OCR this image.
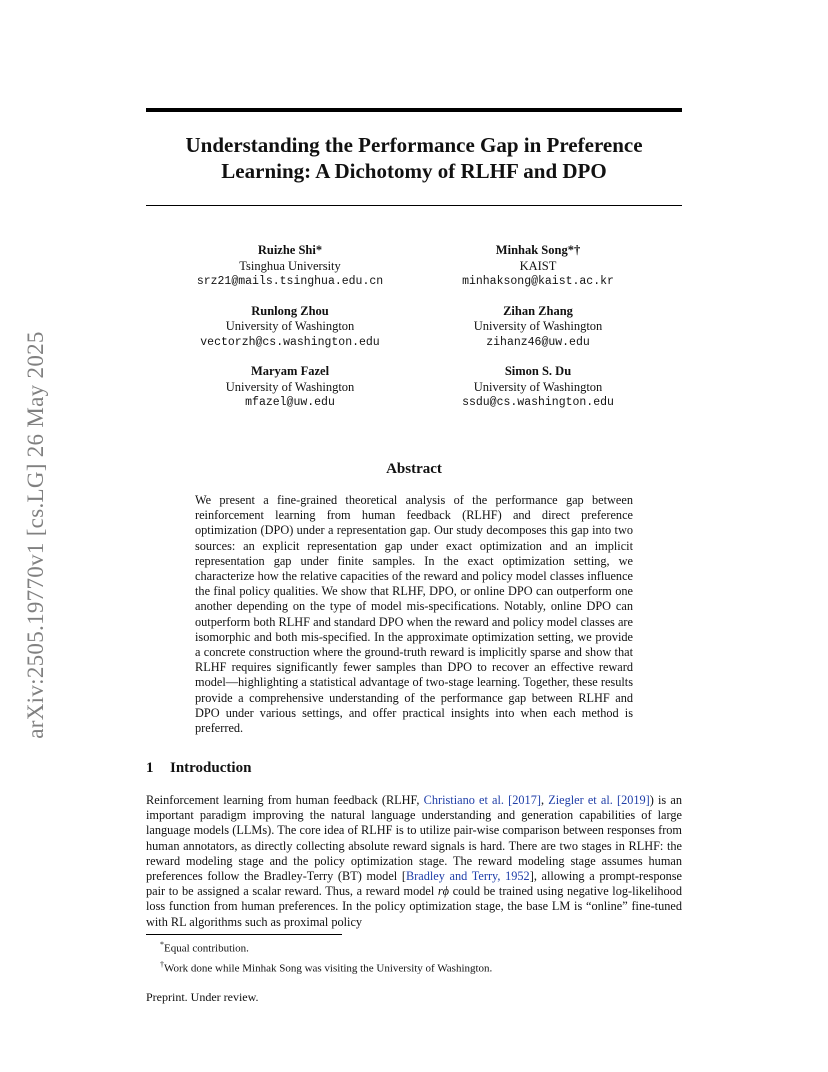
Understanding the Performance Gap in Preference
Learning: A Dichotomy of RLHF and DPO
arXiv:2505.19770v1 [cs.LG] 26 May 2025
Ruizhe Shi*
Tsinghua University
srz21@mails.tsinghua.edu.cn
Minhak Song*†
KAIST
minhaksong@kaist.ac.kr
Runlong Zhou
University of Washington
vectorzh@cs.washington.edu
Zihan Zhang
University of Washington
zihanz46@uw.edu
Maryam Fazel
University of Washington
mfazel@uw.edu
Simon S. Du
University of Washington
ssdu@cs.washington.edu
Abstract
We present a fine-grained theoretical analysis of the performance gap between reinforcement learning from human feedback (RLHF) and direct preference optimization (DPO) under a representation gap. Our study decomposes this gap into two sources: an explicit representation gap under exact optimization and an implicit representation gap under finite samples. In the exact optimization setting, we characterize how the relative capacities of the reward and policy model classes influence the final policy qualities. We show that RLHF, DPO, or online DPO can outperform one another depending on the type of model mis-specifications. Notably, online DPO can outperform both RLHF and standard DPO when the reward and policy model classes are isomorphic and both mis-specified. In the approximate optimization setting, we provide a concrete construction where the ground-truth reward is implicitly sparse and show that RLHF requires significantly fewer samples than DPO to recover an effective reward model—highlighting a statistical advantage of two-stage learning. Together, these results provide a comprehensive understanding of the performance gap between RLHF and DPO under various settings, and offer practical insights into when each method is preferred.
1 Introduction
Reinforcement learning from human feedback (RLHF, Christiano et al. [2017], Ziegler et al. [2019]) is an important paradigm improving the natural language understanding and generation capabilities of large language models (LLMs). The core idea of RLHF is to utilize pair-wise comparison between responses from human annotators, as directly collecting absolute reward signals is hard. There are two stages in RLHF: the reward modeling stage and the policy optimization stage. The reward modeling stage assumes human preferences follow the Bradley-Terry (BT) model [Bradley and Terry, 1952], allowing a prompt-response pair to be assigned a scalar reward. Thus, a reward model rϕ could be trained using negative log-likelihood loss function from human preferences. In the policy optimization stage, the base LM is “online” fine-tuned with RL algorithms such as proximal policy
*Equal contribution.
†Work done while Minhak Song was visiting the University of Washington.
Preprint. Under review.
